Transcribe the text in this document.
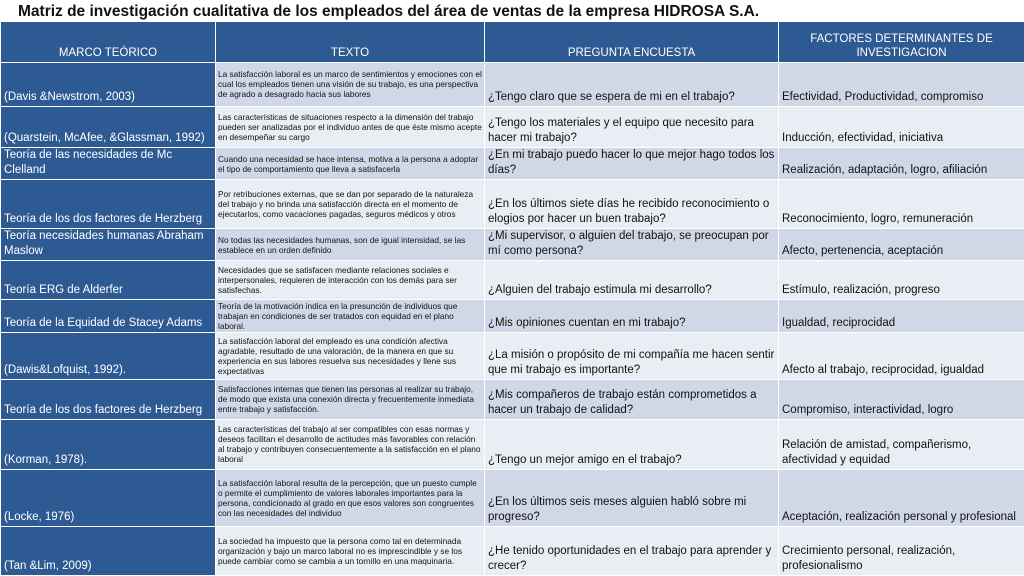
Matriz de investigación cualitativa de los empleados del área de ventas de la empresa HIDROSA S.A.
MARCO TEÓRICO	TEXTO	PREGUNTA ENCUESTA	FACTORES DETERMINANTES DE INVESTIGACION
(Davis &Newstrom, 2003)	La satisfacción laboral es un marco de sentimientos y emociones con el cual los empleados tienen una visión de su trabajo, es una perspectiva de agrado a desagrado hacia sus labores	¿Tengo claro que se espera de mi en el trabajo?	Efectividad, Productividad, compromiso
(Quarstein, McAfee, &Glassman, 1992)	Las características de situaciones respecto a la dimensión del trabajo pueden ser analizadas por el individuo antes de que éste mismo acepte en desempeñar su cargo	¿Tengo los materiales y el equipo que necesito para hacer mi trabajo?	Inducción, efectividad, iniciativa
Teoría de las necesidades de Mc Clelland	Cuando una necesidad se hace intensa, motiva a la persona a adoptar el tipo de comportamiento que lleva a satisfacerla	¿En mi trabajo puedo hacer lo que mejor hago todos los días?	Realización, adaptación, logro, afiliación
Teoría de los dos factores de Herzberg	Por retribuciones externas, que se dan por separado de la naturaleza del trabajo y no brinda una satisfacción directa en el momento de ejecutarlos, como vacaciones pagadas, seguros médicos y otros	¿En los últimos siete días he recibido reconocimiento o elogios por hacer un buen trabajo?	Reconocimiento, logro, remuneración
Teoría necesidades humanas Abraham Maslow	No todas las necesidades humanas, son de igual intensidad, se las establece en un orden definido	¿Mi supervisor, o alguien del trabajo, se preocupan por mí como persona?	Afecto, pertenencia, aceptación
Teoría ERG de Alderfer	Necesidades que se satisfacen mediante relaciones sociales e interpersonales, requieren de interacción con los demás para ser satisfechas.	¿Alguien del trabajo estimula mi desarrollo?	Estímulo, realización, progreso
Teoría de la Equidad de Stacey Adams	Teoría de la motivación indica en la presunción de individuos que trabajan en condiciones de ser tratados con equidad en el plano laboral.	¿Mis opiniones cuentan en mi trabajo?	Igualdad, reciprocidad
(Dawis&Lofquist, 1992).	La satisfacción laboral del empleado es una condición afectiva agradable, resultado de una valoración, de la manera en que su experiencia en sus labores resuelva sus necesidades y llene sus expectativas	¿La misión o propósito de mi compañía me hacen sentir que mi trabajo es importante?	Afecto al trabajo, reciprocidad, igualdad
Teoría de los dos factores de Herzberg	Satisfacciones internas que tienen las personas al realizar su trabajo, de modo que exista una conexión directa y frecuentemente inmediata entre trabajo y satisfacción.	¿Mis compañeros de trabajo están comprometidos a hacer un trabajo de calidad?	Compromiso, interactividad, logro
(Korman, 1978).	Las características del trabajo al ser compatibles con esas normas y deseos facilitan el desarrollo de actitudes más favorables con relación al trabajo y contribuyen consecuentemente a la satisfacción en el plano laboral	¿Tengo un mejor amigo en el trabajo?	Relación de amistad, compañerismo, afectividad y equidad
(Locke, 1976)	La satisfacción laboral resulta de la percepción, que un puesto cumple o permite el cumplimiento de valores laborales importantes para la persona, condicionado al grado en que esos valores son congruentes con las necesidades del individuo	¿En los últimos seis meses alguien habló sobre mi progreso?	Aceptación, realización personal y profesional
(Tan &Lim, 2009)	La sociedad ha impuesto que la persona como tal en determinada organización y bajo un marco laboral no es imprescindible y se los puede cambiar como se cambia a un tornillo en una maquinaria.	¿He tenido oportunidades en el trabajo para aprender y crecer?	Crecimiento personal, realización, profesionalismo
